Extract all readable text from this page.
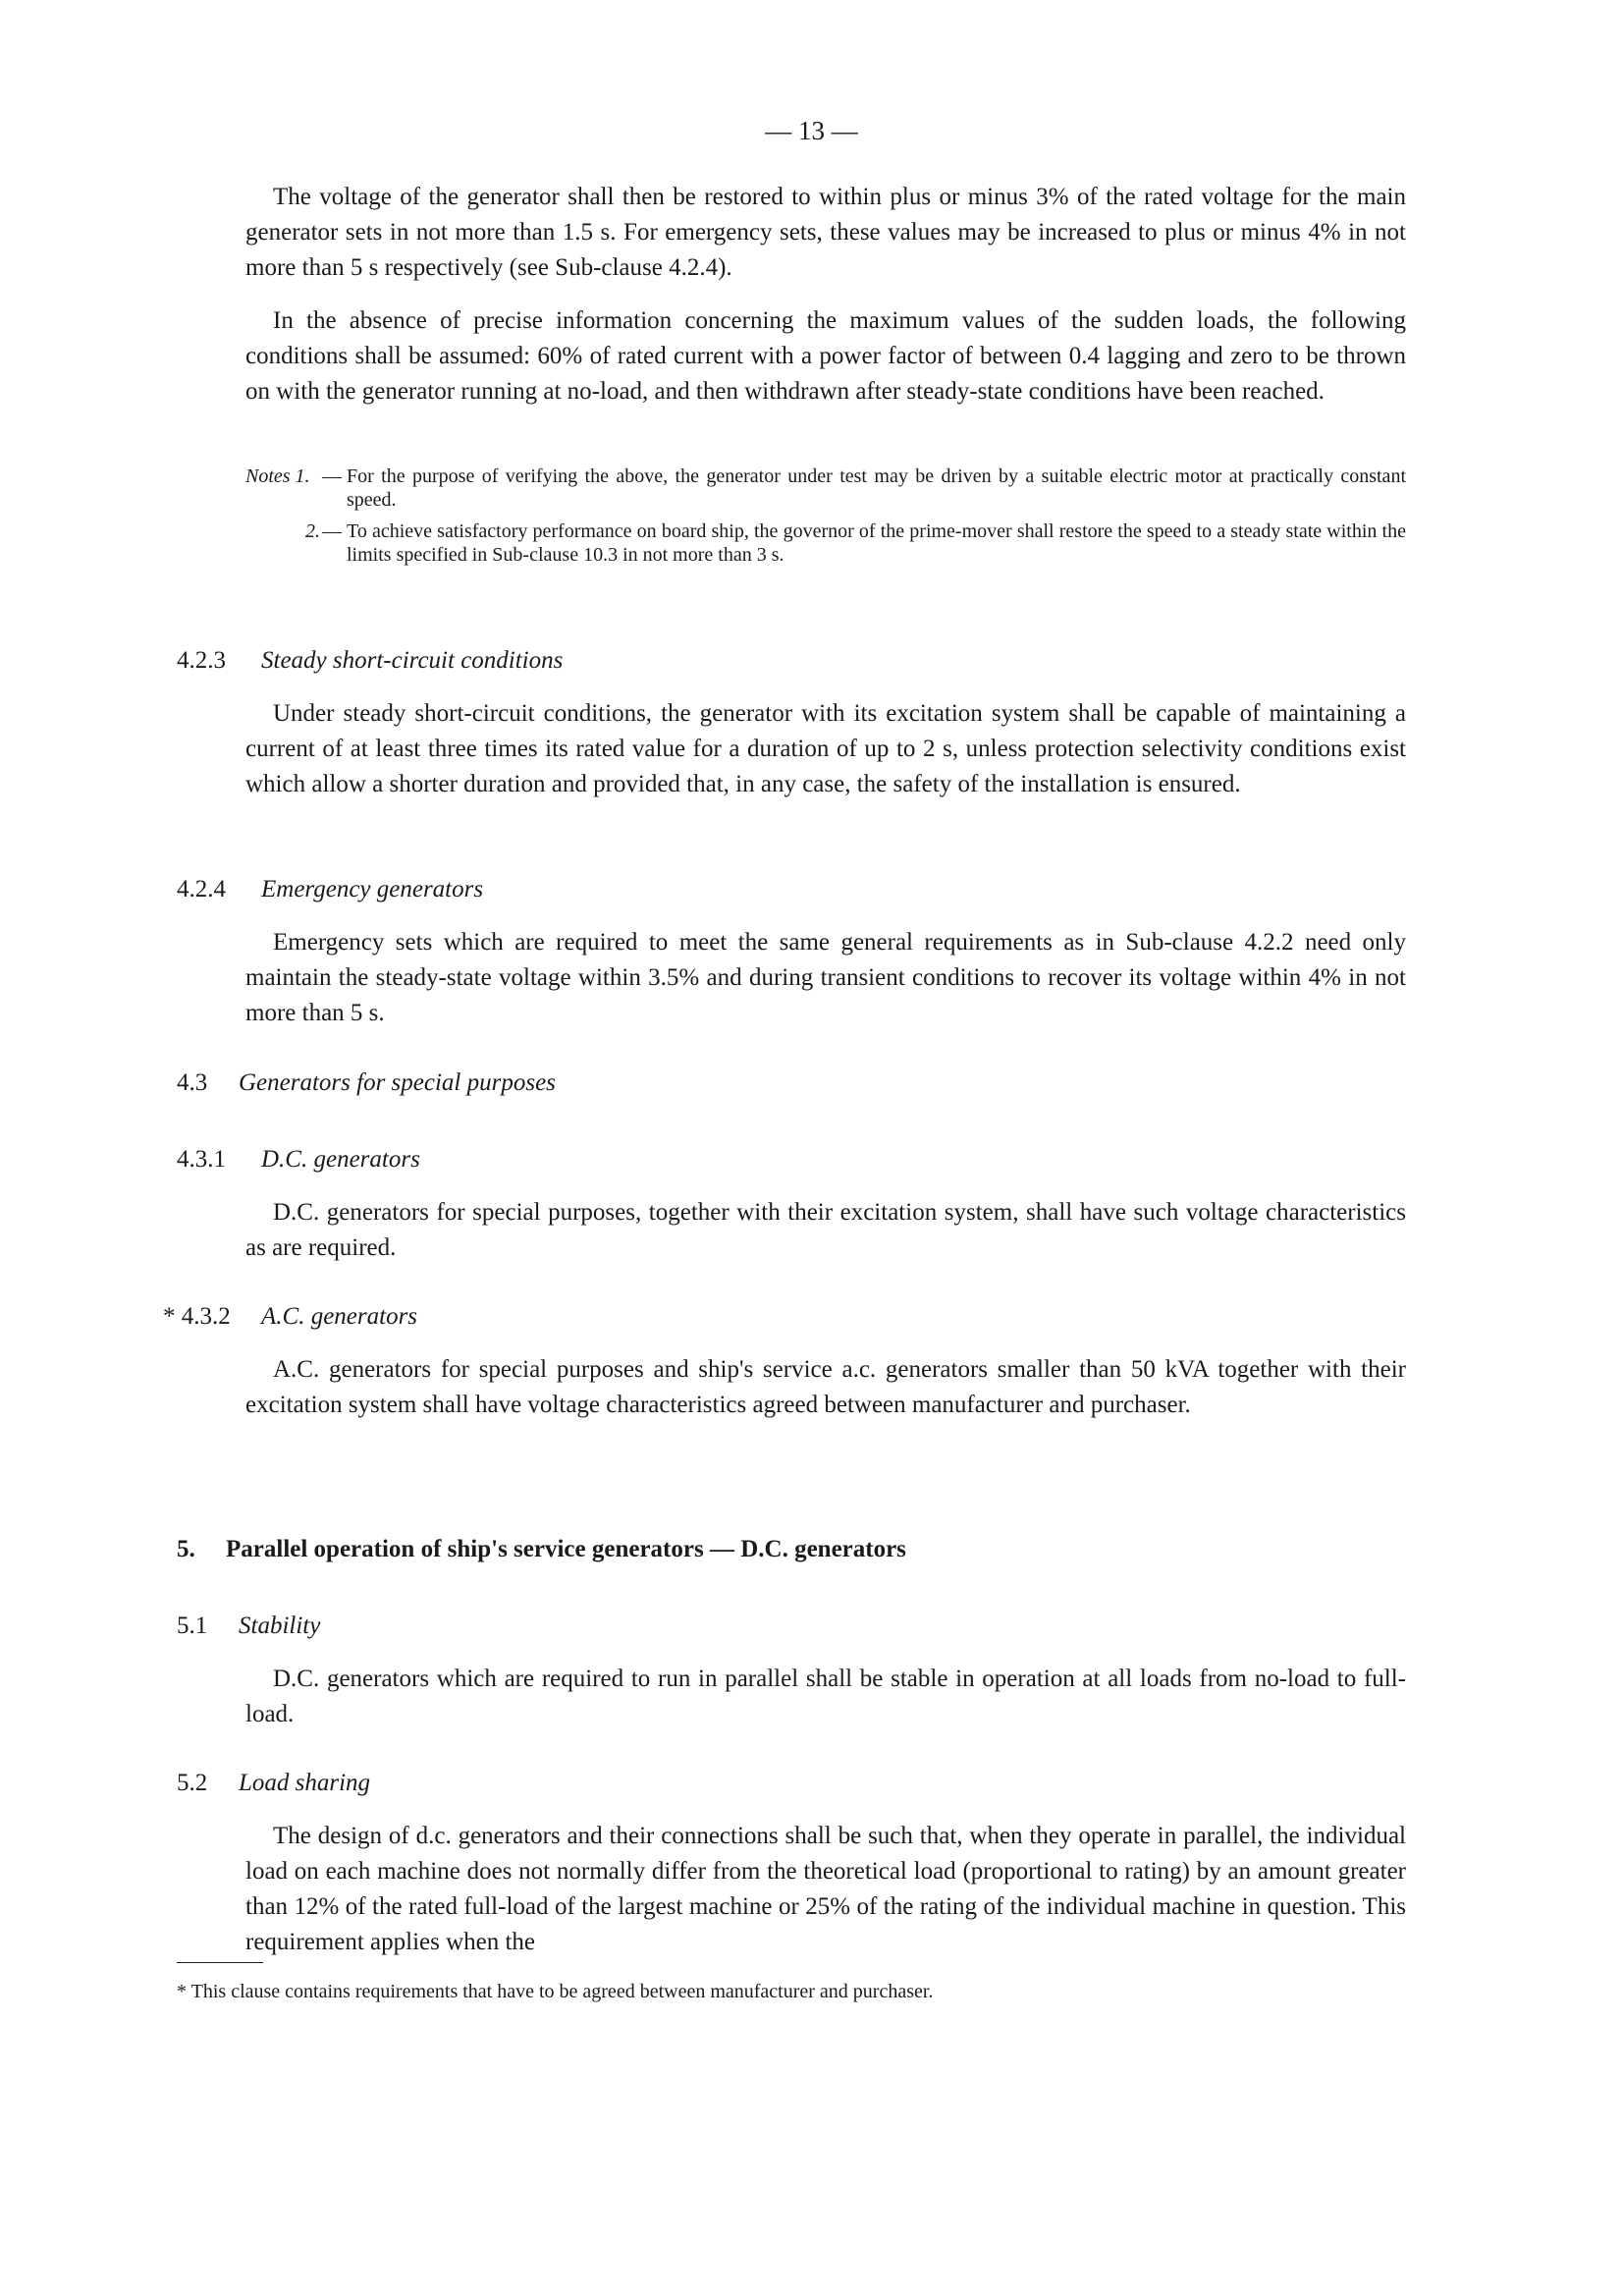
— 13 —

The voltage of the generator shall then be restored to within plus or minus 3% of the rated voltage for the main generator sets in not more than 1.5 s. For emergency sets, these values may be increased to plus or minus 4% in not more than 5 s respectively (see Sub-clause 4.2.4).

In the absence of precise information concerning the maximum values of the sudden loads, the following conditions shall be assumed: 60% of rated current with a power factor of between 0.4 lagging and zero to be thrown on with the generator running at no-load, and then withdrawn after steady-state conditions have been reached.

Notes 1. — For the purpose of verifying the above, the generator under test may be driven by a suitable electric motor at practically constant speed.
2. — To achieve satisfactory performance on board ship, the governor of the prime-mover shall restore the speed to a steady state within the limits specified in Sub-clause 10.3 in not more than 3 s.
4.2.3 Steady short-circuit conditions

Under steady short-circuit conditions, the generator with its excitation system shall be capable of maintaining a current of at least three times its rated value for a duration of up to 2 s, unless protection selectivity conditions exist which allow a shorter duration and provided that, in any case, the safety of the installation is ensured.

4.2.4 Emergency generators

Emergency sets which are required to meet the same general requirements as in Sub-clause 4.2.2 need only maintain the steady-state voltage within 3.5% and during transient conditions to recover its voltage within 4% in not more than 5 s.

4.3 Generators for special purposes
4.3.1 D.C. generators

D.C. generators for special purposes, together with their excitation system, shall have such voltage characteristics as are required.

* 4.3.2 A.C. generators

A.C. generators for special purposes and ship's service a.c. generators smaller than 50 kVA together with their excitation system shall have voltage characteristics agreed between manufacturer and purchaser.

5. Parallel operation of ship's service generators — D.C. generators
5.1 Stability

D.C. generators which are required to run in parallel shall be stable in operation at all loads from no-load to full-load.

5.2 Load sharing

The design of d.c. generators and their connections shall be such that, when they operate in parallel, the individual load on each machine does not normally differ from the theoretical load (proportional to rating) by an amount greater than 12% of the rated full-load of the largest machine or 25% of the rating of the individual machine in question. This requirement applies when the

* This clause contains requirements that have to be agreed between manufacturer and purchaser.
